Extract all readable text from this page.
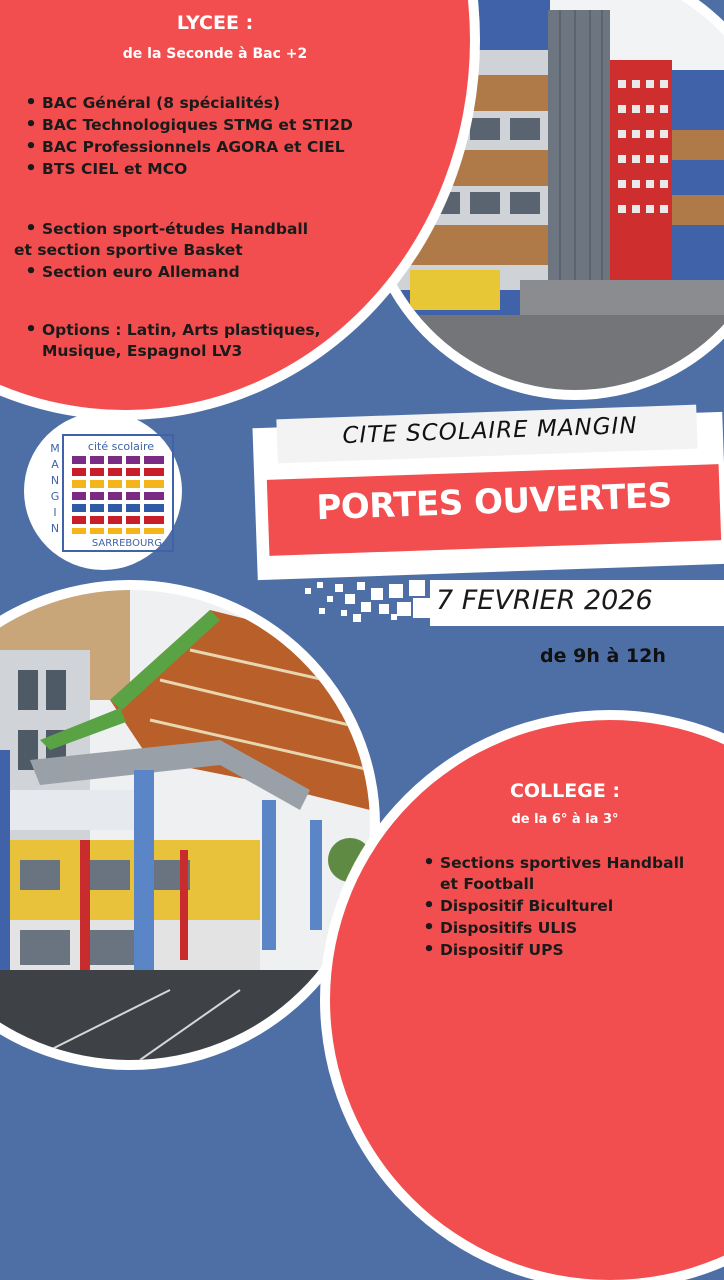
LYCEE :
de la Seconde à Bac +2
• BAC Général (8 spécialités)
• BAC Technologiques STMG et STI2D
• BAC Professionnels AGORA et CIEL
• BTS CIEL et MCO
• Section sport-études Handball
et section sportive Basket
• Section euro Allemand
• Options : Latin, Arts plastiques,
Musique, Espagnol LV3
cité scolaire
M
A
N
G
I
N
MANGIN
SARREBOURG
CITE SCOLAIRE MANGIN
PORTES OUVERTES
7 FEVRIER 2026
de 9h à 12h
COLLEGE :
de la 6° à la 3°
• Sections sportives Handball
et Football
• Dispositif Biculturel
• Dispositifs ULIS
• Dispositif UPS
